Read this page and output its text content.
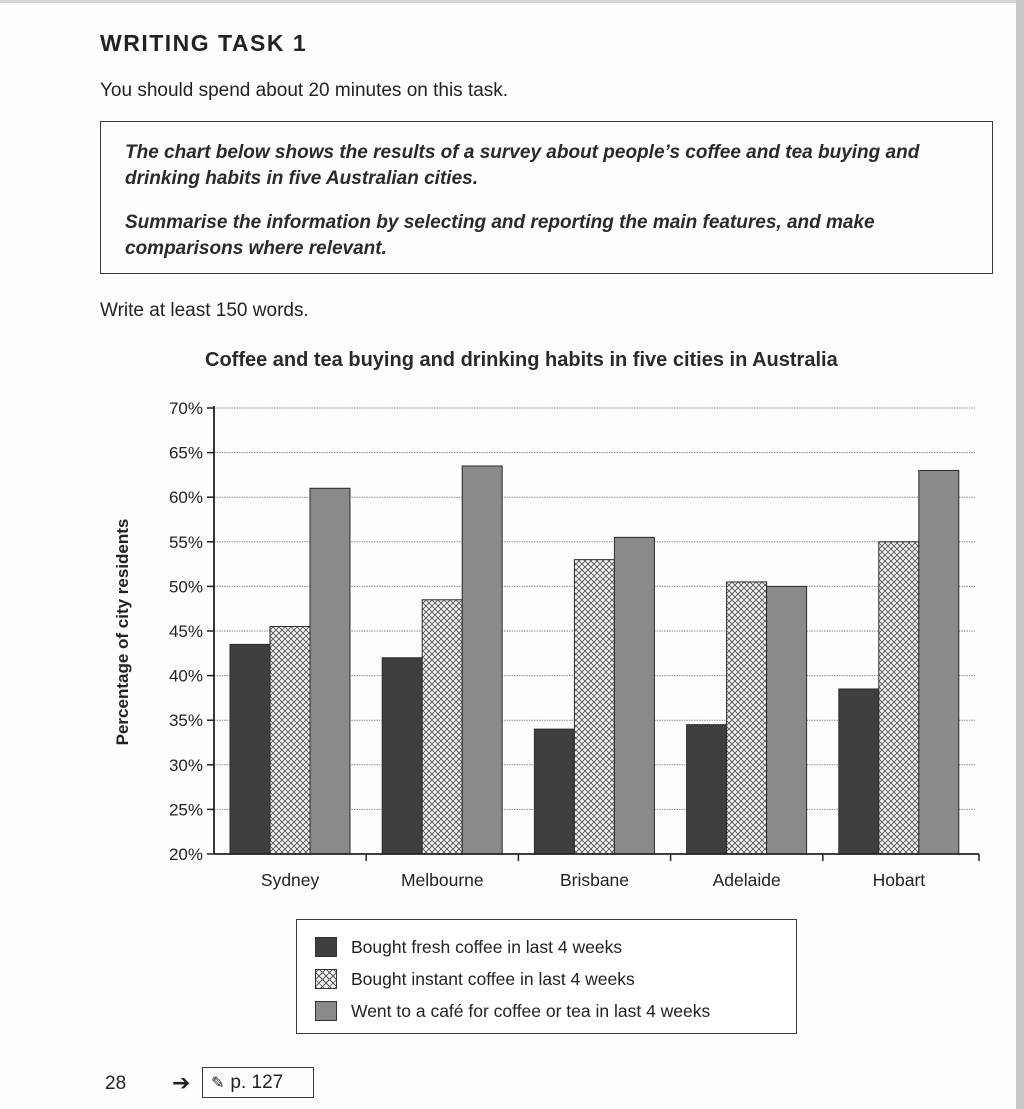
WRITING TASK 1
You should spend about 20 minutes on this task.
The chart below shows the results of a survey about people’s coffee and tea buying and drinking habits in five Australian cities.
Summarise the information by selecting and reporting the main features, and make comparisons where relevant.
Write at least 150 words.
Coffee and tea buying and drinking habits in five cities in Australia
20%
25%
30%
35%
40%
45%
50%
55%
60%
65%
70%
Sydney	Melbourne	Brisbane	Adelaide	Hobart
Percentage of city residents
Bought fresh coffee in last 4 weeks
Bought instant coffee in last 4 weeks
Went to a café for coffee or tea in last 4 weeks
28 ➔ ✎ p. 127
